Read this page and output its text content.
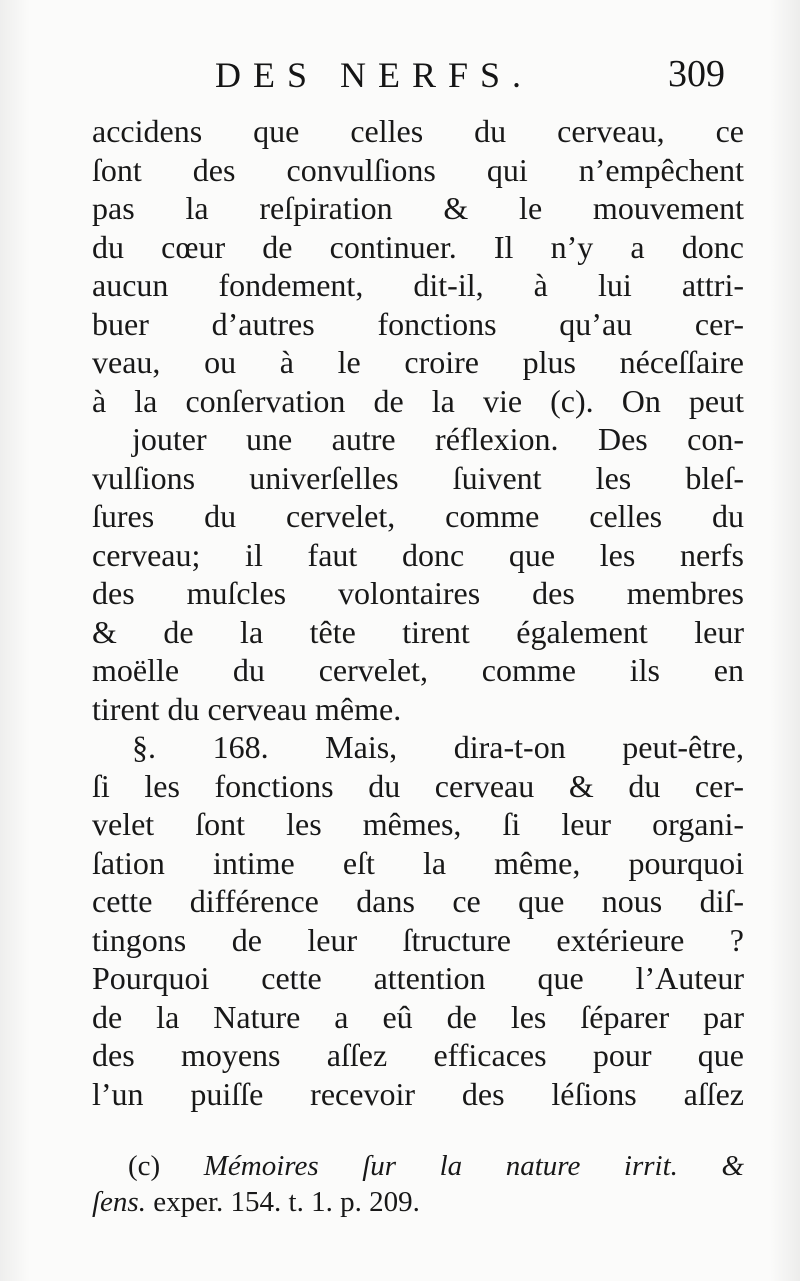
DES NERFS.	309
accidens que celles du cerveau, ce
ſont des convulſions qui n’empêchent
pas la reſpiration & le mouvement
du cœur de continuer. Il n’y a donc
aucun fondement, dit-il, à lui attri-
buer d’autres fonctions qu’au cer-
veau, ou à le croire plus néceſſaire
à la conſervation de la vie (c). On peut
jouter une autre réflexion. Des con-
vulſions univerſelles ſuivent les bleſ-
ſures du cervelet, comme celles du
cerveau; il faut donc que les nerfs
des muſcles volontaires des membres
& de la tête tirent également leur
moëlle du cervelet, comme ils en
tirent du cerveau même.
§. 168. Mais, dira-t-on peut-être,
ſi les fonctions du cerveau & du cer-
velet ſont les mêmes, ſi leur organi-
ſation intime eſt la même, pourquoi
cette différence dans ce que nous diſ-
tingons de leur ſtructure extérieure ?
Pourquoi cette attention que l’Auteur
de la Nature a eû de les ſéparer par
des moyens aſſez efficaces pour que
l’un puiſſe recevoir des léſions aſſez
(c) Mémoires ſur la nature irrit. &
ſens. exper. 154. t. 1. p. 209.
